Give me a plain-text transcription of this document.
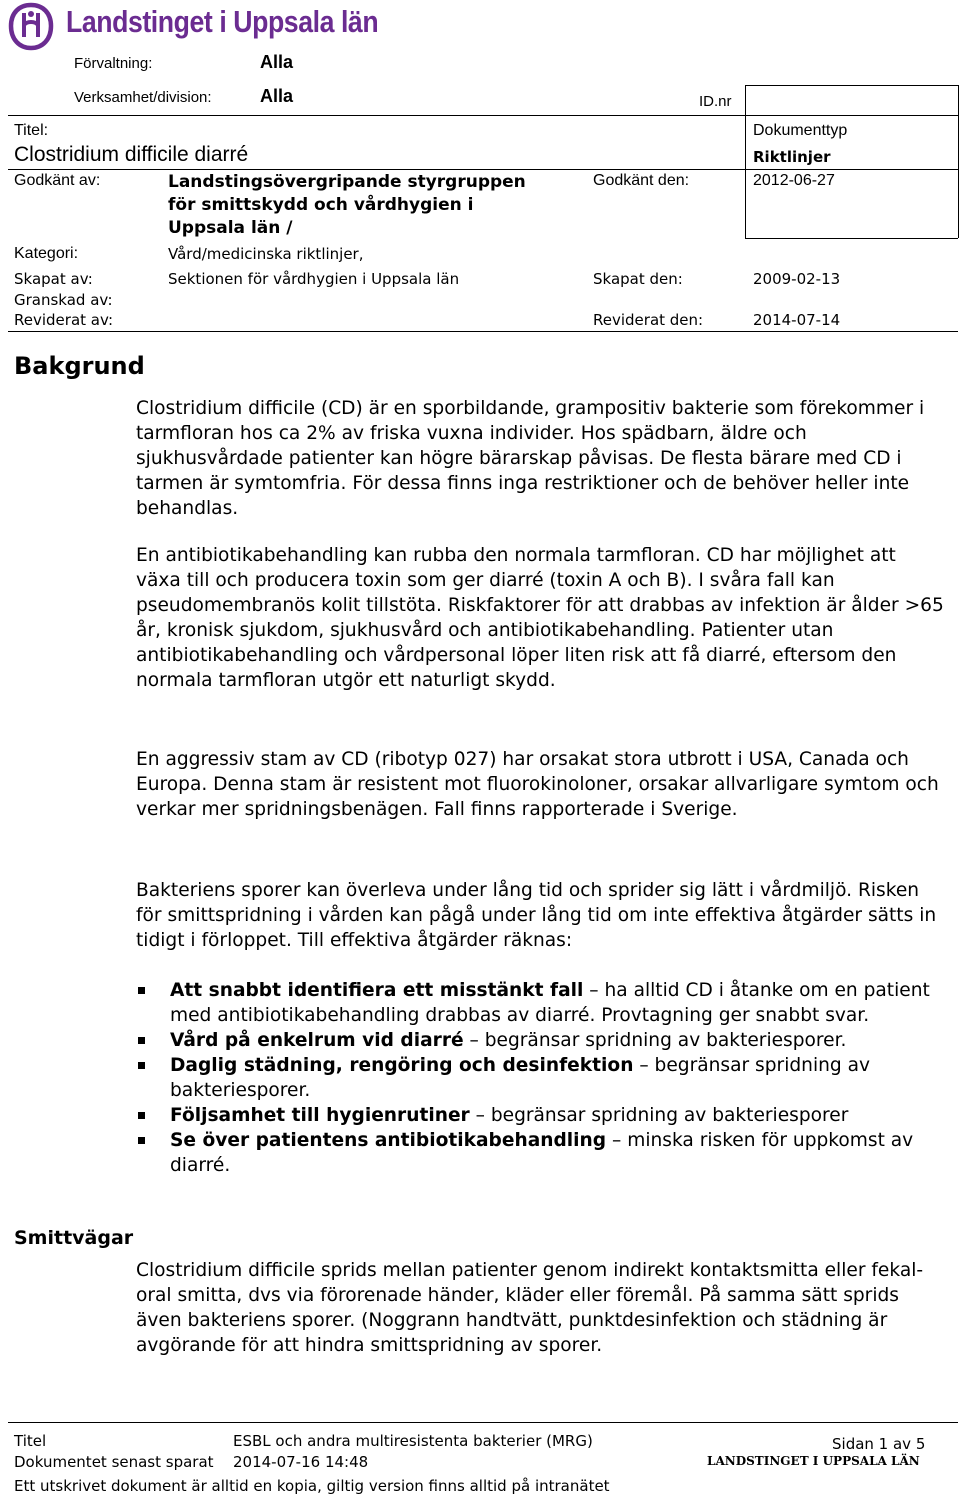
Landstinget i Uppsala län
Förvaltning:	Alla
Verksamhet/division:	Alla	ID.nr
Titel:
Clostridium difficile diarré
Dokumenttyp
Riktlinjer
Godkänt av:	Landstingsövergripande styrgruppen
för smittskydd och vårdhygien i
Uppsala län /
Godkänt den:	2012-06-27
Kategori:	Vård/medicinska riktlinjer,
Skapat av:	Sektionen för vårdhygien i Uppsala län	Skapat den:	2009-02-13
Granskad av:
Reviderat av:	Reviderat den:	2014-07-14
Bakgrund

Clostridium difficile (CD) är en sporbildande, grampositiv bakterie som förekommer i tarmfloran hos ca 2% av friska vuxna individer. Hos spädbarn, äldre och sjukhusvårdade patienter kan högre bärarskap påvisas. De flesta bärare med CD i tarmen är symtomfria. För dessa finns inga restriktioner och de behöver heller inte behandlas.

En antibiotikabehandling kan rubba den normala tarmfloran. CD har möjlighet att växa till och producera toxin som ger diarré (toxin A och B). I svåra fall kan pseudomembranös kolit tillstöta. Riskfaktorer för att drabbas av infektion är ålder >65 år, kronisk sjukdom, sjukhusvård och antibiotikabehandling. Patienter utan antibiotikabehandling och vårdpersonal löper liten risk att få diarré, eftersom den normala tarmfloran utgör ett naturligt skydd.

En aggressiv stam av CD (ribotyp 027) har orsakat stora utbrott i USA, Canada och Europa. Denna stam är resistent mot fluorokinoloner, orsakar allvarligare symtom och verkar mer spridningsbenägen. Fall finns rapporterade i Sverige.

Bakteriens sporer kan överleva under lång tid och sprider sig lätt i vårdmiljö. Risken för smittspridning i vården kan pågå under lång tid om inte effektiva åtgärder sätts in tidigt i förloppet. Till effektiva åtgärder räknas:

Att snabbt identifiera ett misstänkt fall – ha alltid CD i åtanke om en patient med antibiotikabehandling drabbas av diarré. Provtagning ger snabbt svar.
Vård på enkelrum vid diarré – begränsar spridning av bakteriesporer.
Daglig städning, rengöring och desinfektion – begränsar spridning av bakteriesporer.
Följsamhet till hygienrutiner – begränsar spridning av bakteriesporer
Se över patientens antibiotikabehandling – minska risken för uppkomst av diarré.
Smittvägar

Clostridium difficile sprids mellan patienter genom indirekt kontaktsmitta eller fekal-oral smitta, dvs via förorenade händer, kläder eller föremål. På samma sätt sprids även bakteriens sporer. (Noggrann handtvätt, punktdesinfektion och städning är avgörande för att hindra smittspridning av sporer.

Titel	ESBL och andra multiresistenta bakterier (MRG)	Sidan 1 av 5
Dokumentet senast sparat 2014-07-16 14:48	LANDSTINGET I UPPSALA LÄN
Ett utskrivet dokument är alltid en kopia, giltig version finns alltid på intranätet
